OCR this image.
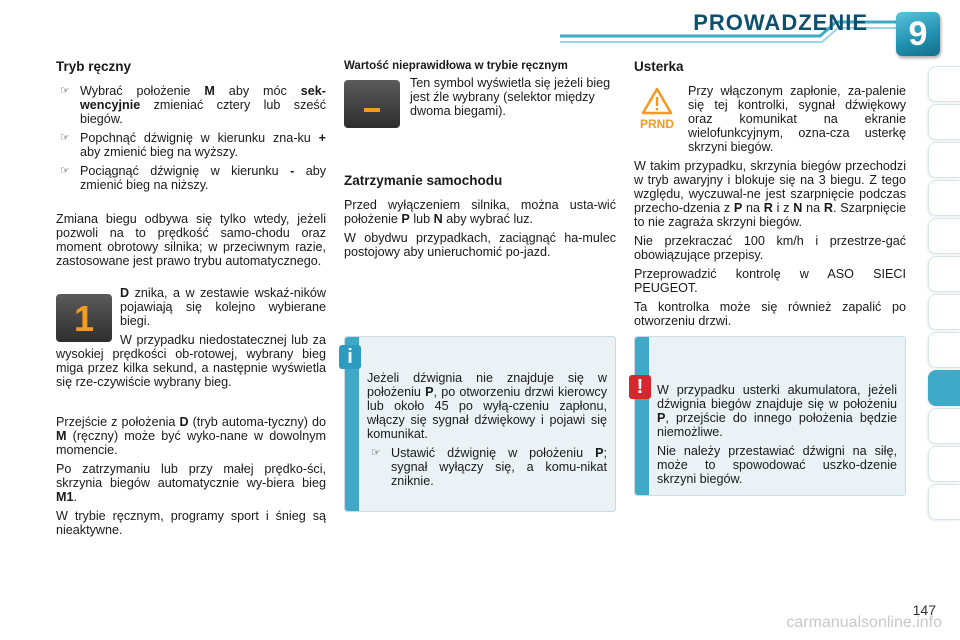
PROWADZENIE	9
Tryb ręczny
☞ Wybrać położenie M aby móc sek-wencyjnie zmieniać cztery lub sześć biegów.
☞ Popchnąć dźwignię w kierunku zna-ku + aby zmienić bieg na wyższy.
☞ Pociągnąć dźwignię w kierunku - aby zmienić bieg na niższy.

Zmiana biegu odbywa się tylko wtedy, jeżeli pozwoli na to prędkość samo-chodu oraz moment obrotowy silnika; w przeciwnym razie, zastosowane jest prawo trybu automatycznego.

1

D znika, a w zestawie wskaź-ników pojawiają się kolejno wybierane biegi.

W przypadku niedostatecznej lub za wysokiej prędkości ob-rotowej, wybrany bieg miga przez kilka sekund, a następnie wyświetla się rze-czywiście wybrany bieg.

Przejście z położenia D (tryb automa-tyczny) do M (ręczny) może być wyko-nane w dowolnym momencie.

Po zatrzymaniu lub przy małej prędko-ści, skrzynia biegów automatycznie wy-biera bieg M1.

W trybie ręcznym, programy sport i śnieg są nieaktywne.

Wartość nieprawidłowa w trybie ręcznym

Ten symbol wyświetla się jeżeli bieg jest źle wybrany (selektor między dwoma biegami).

Zatrzymanie samochodu

Przed wyłączeniem silnika, można usta-wić położenie P lub N aby wybrać luz.

W obydwu przypadkach, zaciągnąć ha-mulec postojowy aby unieruchomić po-jazd.

i

Jeżeli dźwignia nie znajduje się w położeniu P, po otworzeniu drzwi kierowcy lub około 45 po wyłą-czeniu zapłonu, włączy się sygnał dźwiękowy i pojawi się komunikat.

☞ Ustawić dźwignię w położeniu P; sygnał wyłączy się, a komu-nikat zniknie.
Usterka
PRND

Przy włączonym zapłonie, za-palenie się tej kontrolki, sygnał dźwiękowy oraz komunikat na ekranie wielofunkcyjnym, ozna-cza usterkę skrzyni biegów.

W takim przypadku, skrzynia biegów przechodzi w tryb awaryjny i blokuje się na 3 biegu. Z tego względu, wyczuwal-ne jest szarpnięcie podczas przecho-dzenia z P na R i z N na R. Szarpnięcie to nie zagraża skrzyni biegów.

Nie przekraczać 100 km/h i przestrze-gać obowiązujące przepisy.

Przeprowadzić kontrolę w ASO SIECI PEUGEOT.

Ta kontrolka może się również zapalić po otworzeniu drzwi.

!	W przypadku usterki akumulatora, jeżeli dźwignia biegów znajduje się w położeniu P, przejście do innego położenia będzie niemożliwe.

Nie należy przestawiać dźwigni na siłę, może to spowodować uszko-dzenie skrzyni biegów.

147
carmanualsonline.info
